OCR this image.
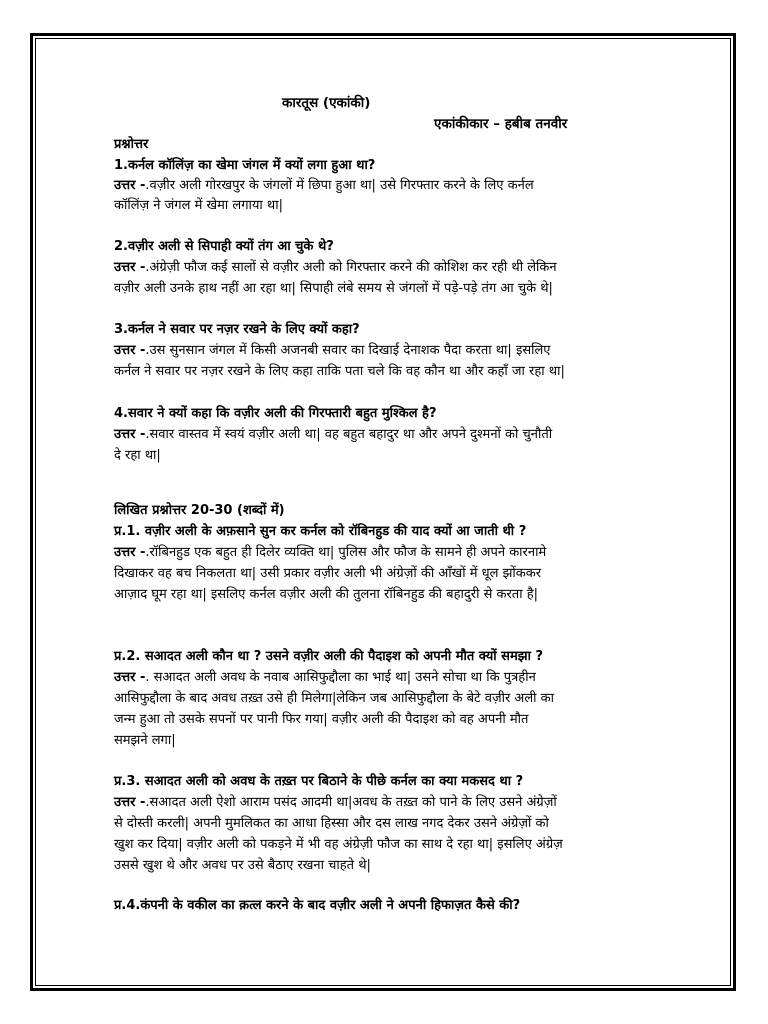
कारतूस (एकांकी)
एकांकीकार – हबीब तनवीर
प्रश्नोत्तर
1.कर्नल कॉलिंज़ का खेमा जंगल में क्यों लगा हुआ था?
उत्तर -.वज़ीर अली गोरखपुर के जंगलों में छिपा हुआ था| उसे गिरफ्तार करने के लिए कर्नल
कॉलिंज़ ने जंगल में खेमा लगाया था|
2.वज़ीर अली से सिपाही क्यों तंग आ चुके थे?
उत्तर -.अंग्रेज़ी फौज कई सालों से वज़ीर अली को गिरफ्तार करने की कोशिश कर रही थी लेकिन
वज़ीर अली उनके हाथ नहीं आ रहा था| सिपाही लंबे समय से जंगलों में पड़े-पड़े तंग आ चुके थे|
3.कर्नल ने सवार पर नज़र रखने के लिए क्यों कहा?
उत्तर -.उस सुनसान जंगल में किसी अजनबी सवार का दिखाई देनाशक पैदा करता था| इसलिए
कर्नल ने सवार पर नज़र रखने के लिए कहा ताकि पता चले कि वह कौन था और कहाँ जा रहा था|
4.सवार ने क्यों कहा कि वज़ीर अली की गिरफ्तारी बहुत मुश्किल है?
उत्तर -.सवार वास्तव में स्वयं वज़ीर अली था| वह बहुत बहादुर था और अपने दुश्मनों को चुनौती
दे रहा था|
लिखित प्रश्नोत्तर 20-30 (शब्दों में)
प्र.1. वज़ीर अली के अफ़साने सुन कर कर्नल को रॉबिनहुड की याद क्यों आ जाती थी ?
उत्तर -.रॉबिनहुड एक बहुत ही दिलेर व्यक्ति था| पुलिस और फौज के सामने ही अपने कारनामे
दिखाकर वह बच निकलता था| उसी प्रकार वज़ीर अली भी अंग्रेज़ों की आँखों में धूल झोंककर
आज़ाद घूम रहा था| इसलिए कर्नल वज़ीर अली की तुलना रॉबिनहुड की बहादुरी से करता है|
प्र.2. सआदत अली कौन था ? उसने वज़ीर अली की पैदाइश को अपनी मौत क्यों समझा ?
उत्तर -. सआदत अली अवध के नवाब आसिफुद्दौला का भाई था| उसने सोचा था कि पुत्रहीन
आसिफुद्दौला के बाद अवध तख़्त उसे ही मिलेगा|लेकिन जब आसिफुद्दौला के बेटे वज़ीर अली का
जन्म हुआ तो उसके सपनों पर पानी फिर गया| वज़ीर अली की पैदाइश को वह अपनी मौत
समझने लगा|
प्र.3. सआदत अली को अवध के तख़्त पर बिठाने के पीछे कर्नल का क्या मकसद था ?
उत्तर -.सआदत अली ऐशो आराम पसंद आदमी था|अवध के तख़्त को पाने के लिए उसने अंग्रेज़ों
से दोस्ती करली| अपनी मुमलिकत का आधा हिस्सा और दस लाख नगद देकर उसने अंग्रेज़ों को
खुश कर दिया| वज़ीर अली को पकड़ने में भी वह अंग्रेज़ी फौज का साथ दे रहा था| इसलिए अंग्रेज़
उससे खुश थे और अवध पर उसे बैठाए रखना चाहते थे|
प्र.4.कंपनी के वकील का क़त्ल करने के बाद वज़ीर अली ने अपनी हिफाज़त कैसे की?
